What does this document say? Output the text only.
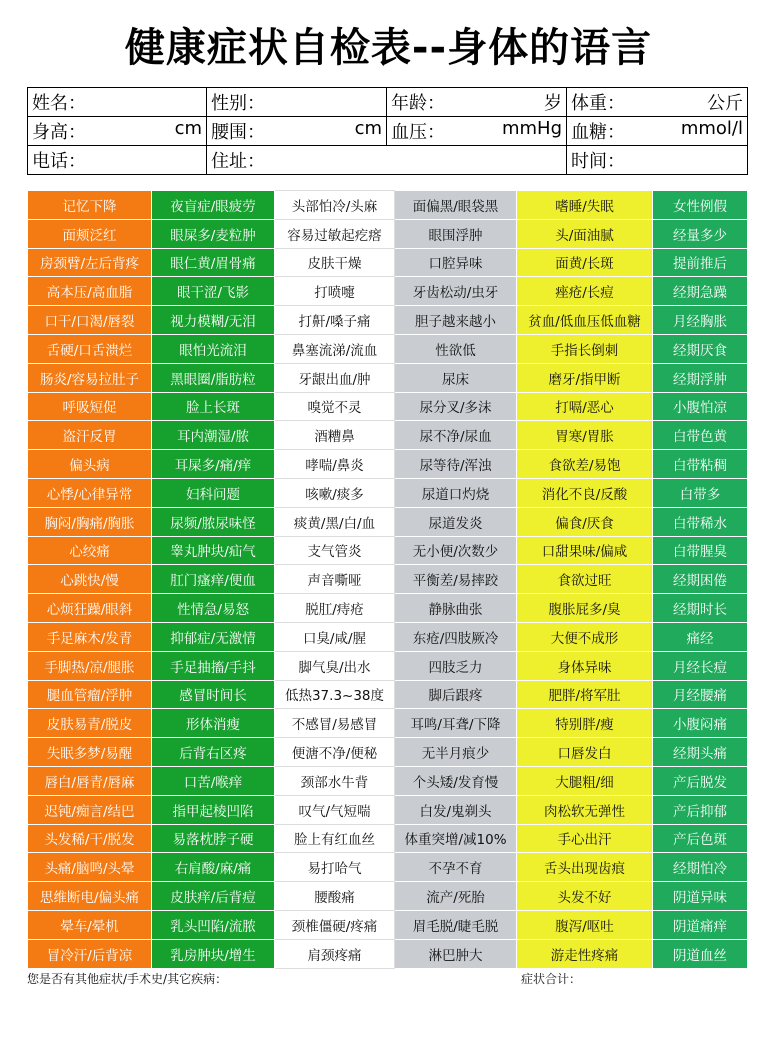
健康症状自检表--身体的语言
姓名：	性别：	年龄： 岁	体重： 公斤

身高： cm	腰围： cm	血压： mmHg	血糖： mmol/l

电话：	住址：		时间：
记忆下降	夜盲症/眼疲劳	头部怕冷/头麻	面偏黑/眼袋黑	嗜睡/失眠	女性例假
面颊泛红	眼屎多/麦粒肿	容易过敏起疙瘩	眼围浮肿	头/面油腻	经量多少
房颈臂/左后背疼	眼仁黄/眉骨痛	皮肤干燥	口腔异味	面黄/长斑	提前推后
高本压/高血脂	眼干涩/飞影	打喷嚏	牙齿松动/虫牙	痤疮/长痘	经期急躁
口干/口渴/唇裂	视力模糊/无泪	打鼾/嗓子痛	胆子越来越小	贫血/低血压低血糖	月经胸胀
舌硬/口舌溃烂	眼怕光流泪	鼻塞流涕/流血	性欲低	手指长倒刺	经期厌食
肠炎/容易拉肚子	黑眼圈/脂肪粒	牙龈出血/肿	尿床	磨牙/指甲断	经期浮肿
呼吸短促	脸上长斑	嗅觉不灵	尿分叉/多沫	打嗝/恶心	小腹怕凉
盗汗反胃	耳内潮湿/脓	酒糟鼻	尿不净/尿血	胃寒/胃胀	白带色黄
偏头病	耳屎多/痛/痒	哮喘/鼻炎	尿等待/浑浊	食欲差/易饱	白带粘稠
心悸/心律异常	妇科问题	咳嗽/痰多	尿道口灼烧	消化不良/反酸	白带多
胸闷/胸痛/胸胀	尿频/脓尿味怪	痰黄/黑/白/血	尿道发炎	偏食/厌食	白带稀水
心绞痛	睾丸肿块/疝气	支气管炎	无小便/次数少	口甜果味/偏咸	白带腥臭
心跳快/慢	肛门瘙痒/便血	声音嘶哑	平衡差/易摔跤	食欲过旺	经期困倦
心烦狂躁/眼斜	性情急/易怒	脱肛/痔疮	静脉曲张	腹胀屁多/臭	经期时长
手足麻木/发青	抑郁症/无激情	口臭/咸/腥	东疮/四肢厥冷	大便不成形	痛经
手脚热/凉/腿胀	手足抽搐/手抖	脚气臭/出水	四肢乏力	身体异味	月经长痘
腿血管瘤/浮肿	感冒时间长	低热37.3~38度	脚后跟疼	肥胖/将军肚	月经腰痛
皮肤易青/脱皮	形体消瘦	不感冒/易感冒	耳鸣/耳聋/下降	特别胖/瘦	小腹闷痛
失眠多梦/易醒	后背右区疼	便溏不净/便秘	无半月痕少	口唇发白	经期头痛
唇白/唇青/唇麻	口苦/喉痒	颈部水牛背	个头矮/发育慢	大腿粗/细	产后脱发
迟钝/痴言/结巴	指甲起棱凹陷	叹气/气短喘	白发/鬼剃头	肉松软无弹性	产后抑郁
头发稀/干/脱发	易落枕脖子硬	脸上有红血丝	体重突增/减10%	手心出汗	产后色斑
头痛/脑鸣/头晕	右肩酸/麻/痛	易打哈气	不孕不育	舌头出现齿痕	经期怕冷
思维断电/偏头痛	皮肤痒/后背痘	腰酸痛	流产/死胎	头发不好	阴道异味
晕车/晕机	乳头凹陷/流脓	颈椎僵硬/疼痛	眉毛脱/睫毛脱	腹泻/呕吐	阴道痛痒
冒冷汗/后背凉	乳房肿块/增生	肩颈疼痛	淋巴肿大	游走性疼痛	阴道血丝
您是否有其他症状/手术史/其它疾病：	症状合计：
